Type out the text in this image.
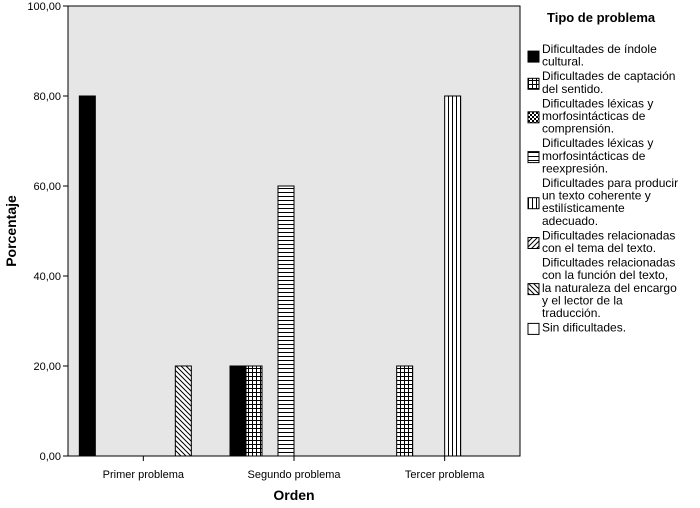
0,00
20,00
40,00
60,00
80,00
100,00
Primer problema	Segundo problema	Tercer problema
Porcentaje
Orden
Tipo de problema
Dificultades de índole
cultural.
Dificultades de captación
del sentido.
Dificultades léxicas y
morfosintácticas de
comprensión.
Dificultades léxicas y
morfosintácticas de
reexpresión.
Dificultades para producir
un texto coherente y
estilísticamente
adecuado.
Dificultades relacionadas
con el tema del texto.
Dificultades relacionadas
con la función del texto,
la naturaleza del encargo
y el lector de la
traducción.
Sin dificultades.
